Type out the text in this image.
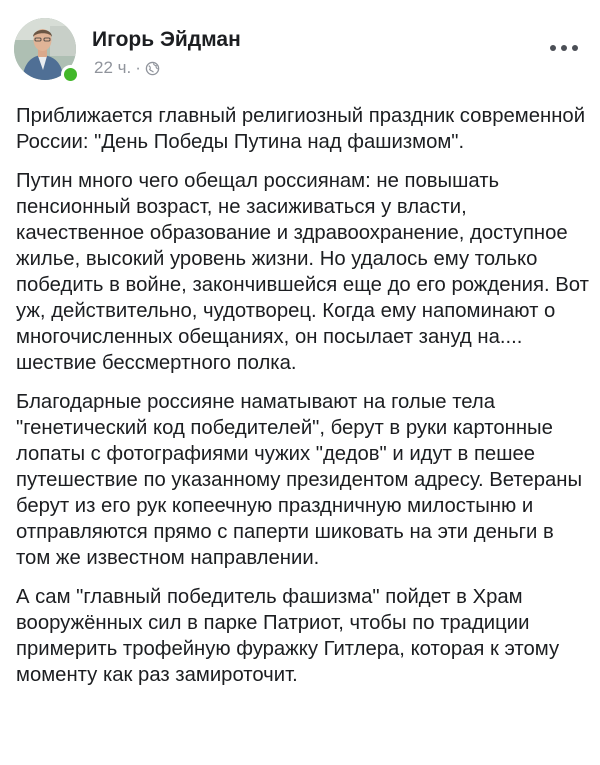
Игорь Эйдман
22 ч. ·

Приближается главный религиозный праздник современной России: "День Победы Путина над фашизмом".

Путин много чего обещал россиянам: не повышать пенсионный возраст, не засиживаться у власти, качественное образование и здравоохранение, доступное жилье, высокий уровень жизни. Но удалось ему только победить в войне, закончившейся еще до его рождения. Вот уж, действительно, чудотворец. Когда ему напоминают о многочисленных обещаниях, он посылает зануд на.... шествие бессмертного полка.

Благодарные россияне наматывают на голые тела "генетический код победителей", берут в руки картонные лопаты с фотографиями чужих "дедов" и идут в пешее путешествие по указанному президентом адресу. Ветераны берут из его рук копеечную праздничную милостыню и отправляются прямо с паперти шиковать на эти деньги в том же известном направлении.

А сам "главный победитель фашизма" пойдет в Храм вооружённых сил в парке Патриот, чтобы по традиции примерить трофейную фуражку Гитлера, которая к этому моменту как раз замироточит.
